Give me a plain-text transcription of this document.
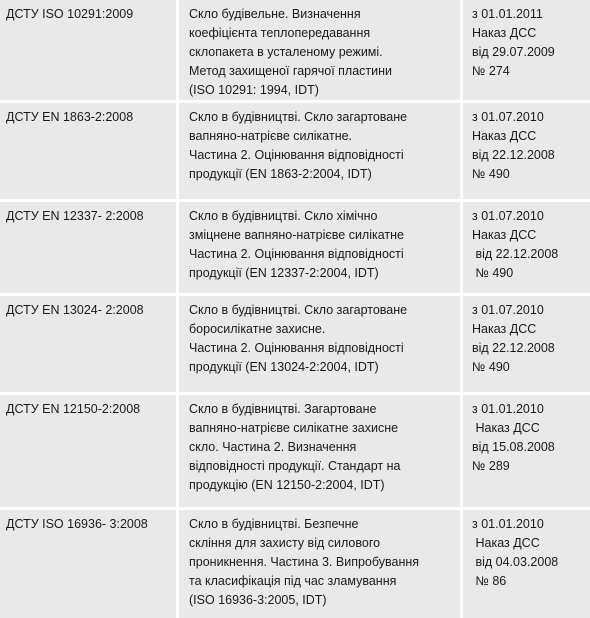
ДСТУ ISО 10291:2009	Скло будівельне. Визначення
коефіцієнта теплопередавання
склопакета в усталеному режимі.
Метод захищеної гарячої пластини
(ISО 10291: 1994, IDT)
з 01.01.2011
Наказ ДСС
від 29.07.2009
№ 274
ДСТУ EN 1863-2:2008	Скло в будівництві. Скло загартоване
вапняно-натрієве силікатне.
Частина 2. Оцінювання відповідності
продукції (EN 1863-2:2004, IDT)
з 01.07.2010
Наказ ДСС
від 22.12.2008
№ 490
ДСТУ EN 12337- 2:2008	Скло в будівництві. Скло хімічно
зміцнене вапняно-натрієве силікатне
Частина 2. Оцінювання відповідності
продукції (EN 12337-2:2004, IDT)
з 01.07.2010
Наказ ДСС
від 22.12.2008
№ 490
ДСТУ EN 13024- 2:2008	Скло в будівництві. Скло загартоване
боросилікатне захисне.
Частина 2. Оцінювання відповідності
продукції (EN 13024-2:2004, IDT)
з 01.07.2010
Наказ ДСС
від 22.12.2008
№ 490
ДСТУ EN 12150-2:2008	Скло в будівництві. Загартоване
вапняно-натрієве силікатне захисне
скло. Частина 2. Визначення
відповідності продукції. Стандарт на
продукцію (EN 12150-2:2004, IDT)
з 01.01.2010
Наказ ДСС
від 15.08.2008
№ 289
ДСТУ ISО 16936- 3:2008	Скло в будівництві. Безпечне
скління для захисту від силового
проникнення. Частина 3. Випробування
та класифікація під час зламування
(ISО 16936-3:2005, IDT)
з 01.01.2010
Наказ ДСС
від 04.03.2008
№ 86
